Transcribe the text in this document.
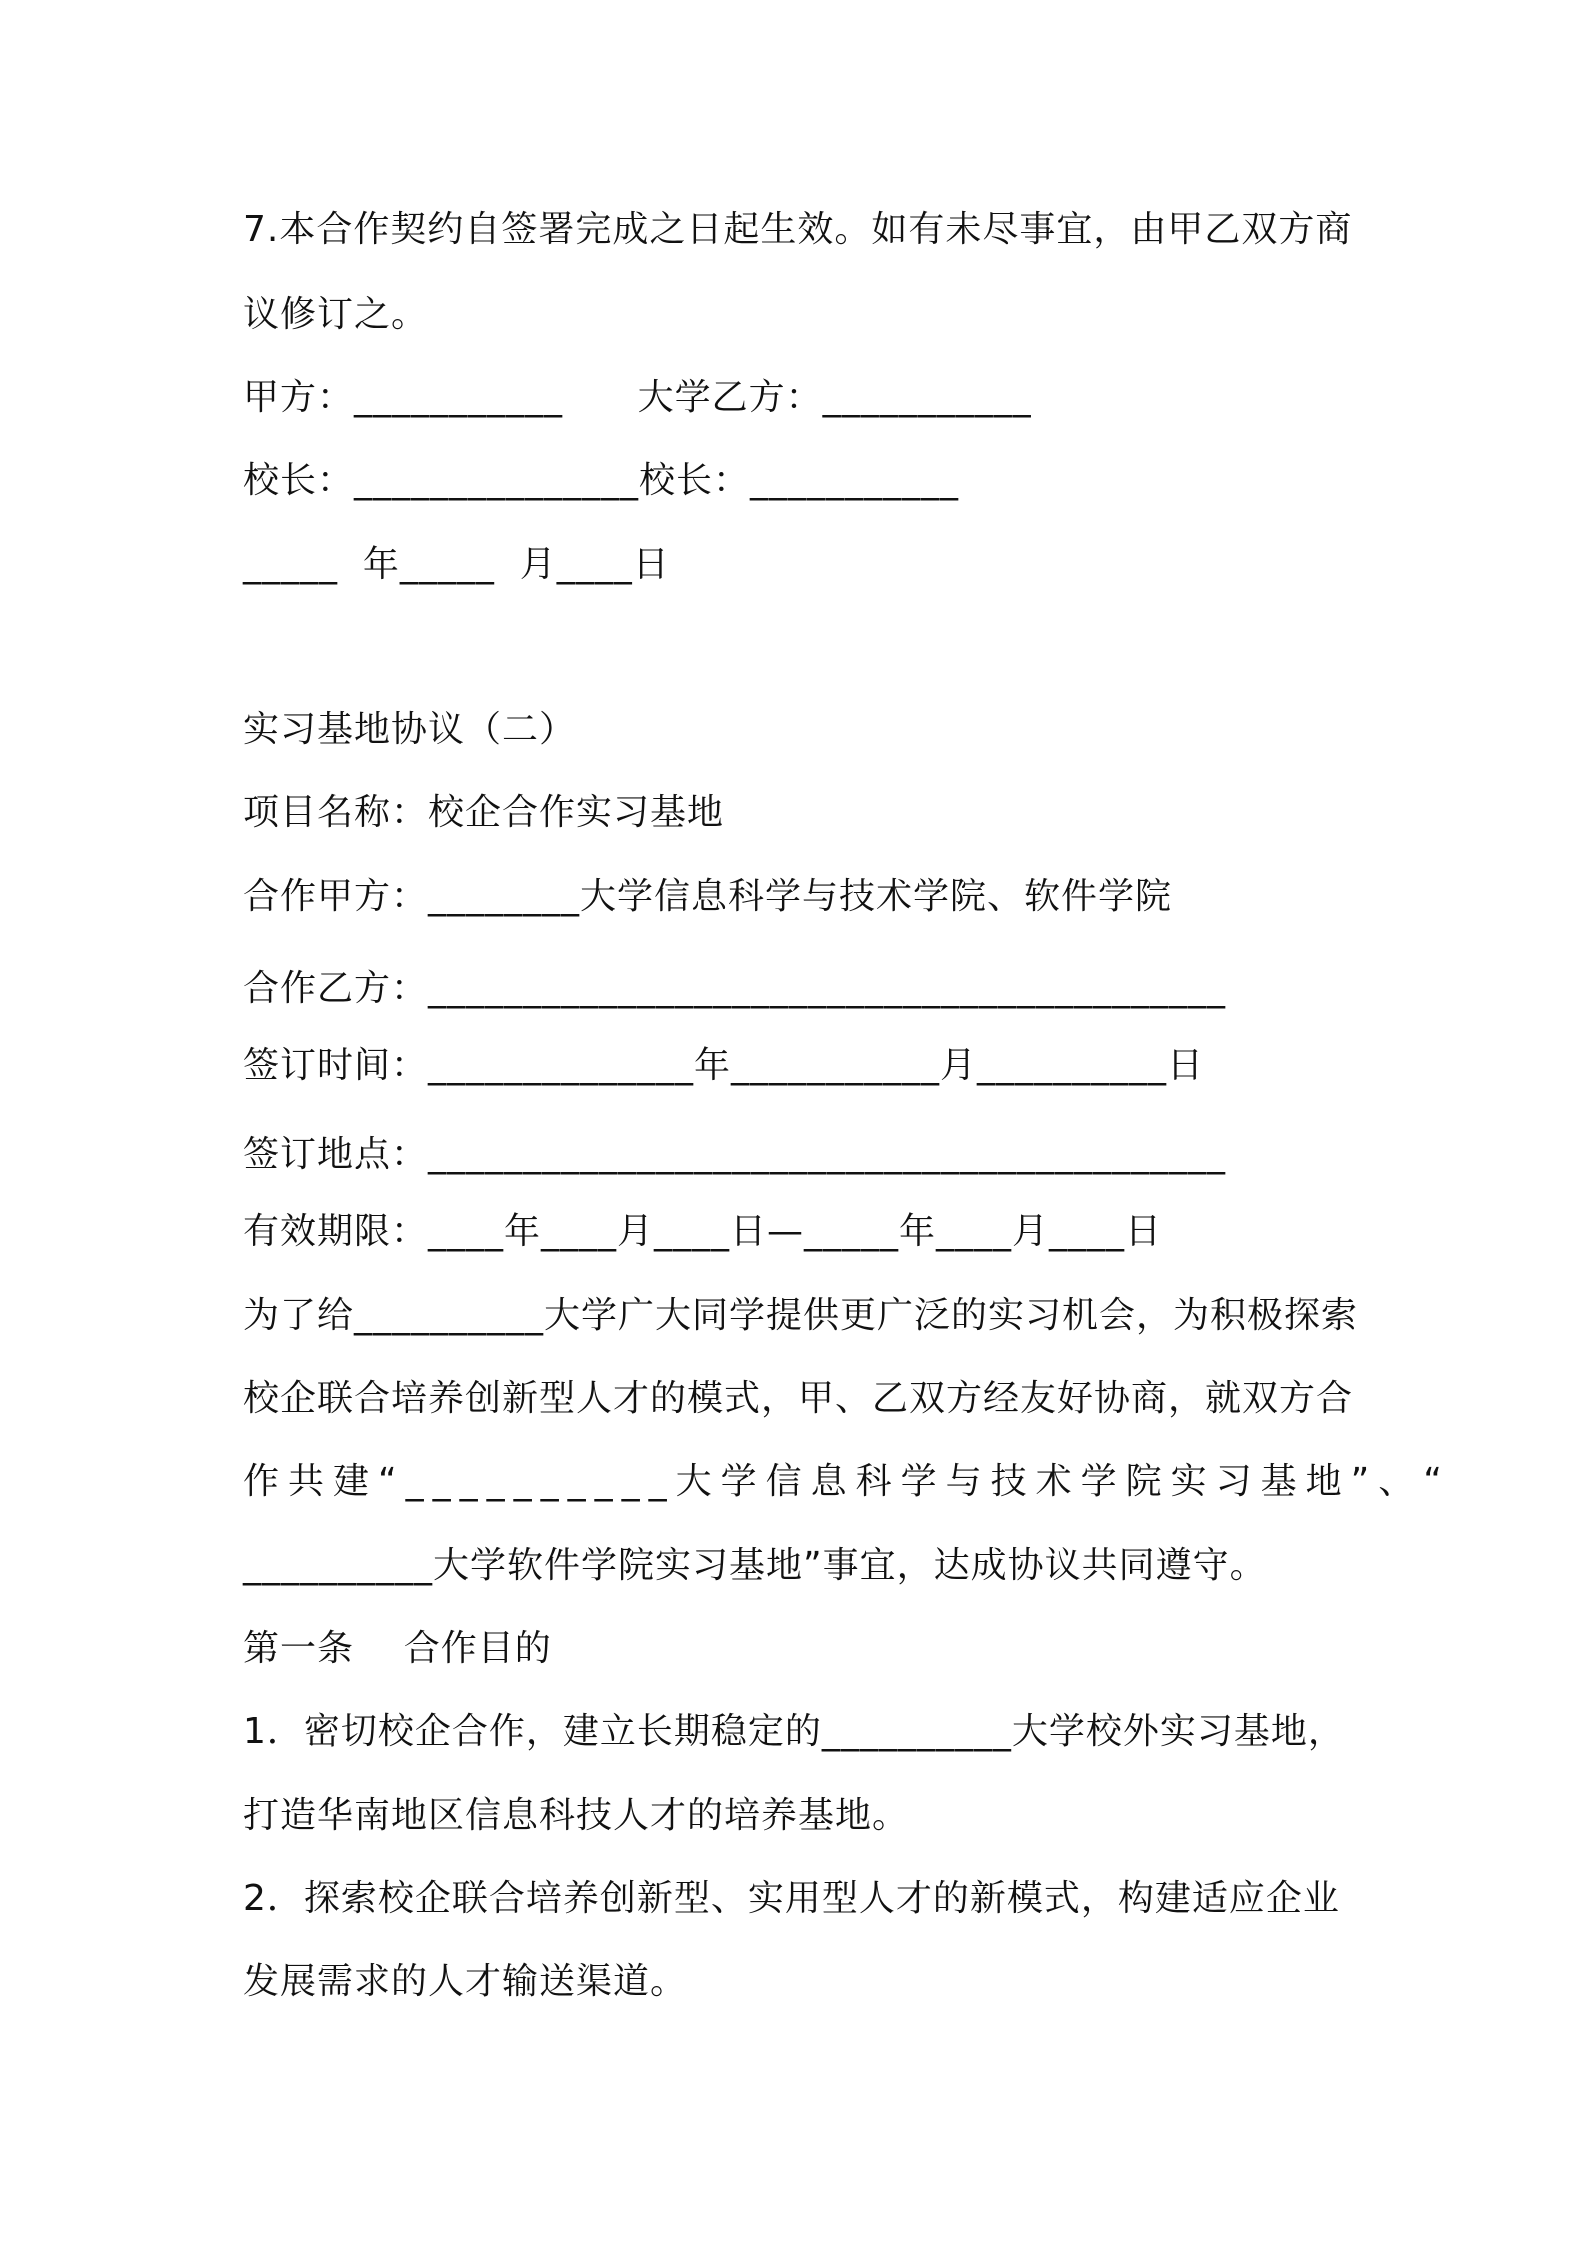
7.本合作契约自签署完成之日起生效。如有未尽事宜，由甲乙双方商

议修订之。

甲方：___________      大学乙方：___________

校长：_______________校长：___________

_____  年_____  月____日

实习基地协议（二）

项目名称：校企合作实习基地

合作甲方：________大学信息科学与技术学院、软件学院

合作乙方：__________________________________________

签订时间：______________年___________月__________日

签订地点：__________________________________________

有效期限：____年____月____日—_____年____月____日

为了给__________大学广大同学提供更广泛的实习机会，为积极探索

校企联合培养创新型人才的模式，甲、乙双方经友好协商，就双方合

作共建“__________大学信息科学与技术学院实习基地”、“

__________大学软件学院实习基地”事宜，达成协议共同遵守。

第一条    合作目的

1．密切校企合作，建立长期稳定的__________大学校外实习基地，

打造华南地区信息科技人才的培养基地。

2．探索校企联合培养创新型、实用型人才的新模式，构建适应企业

发展需求的人才输送渠道。
